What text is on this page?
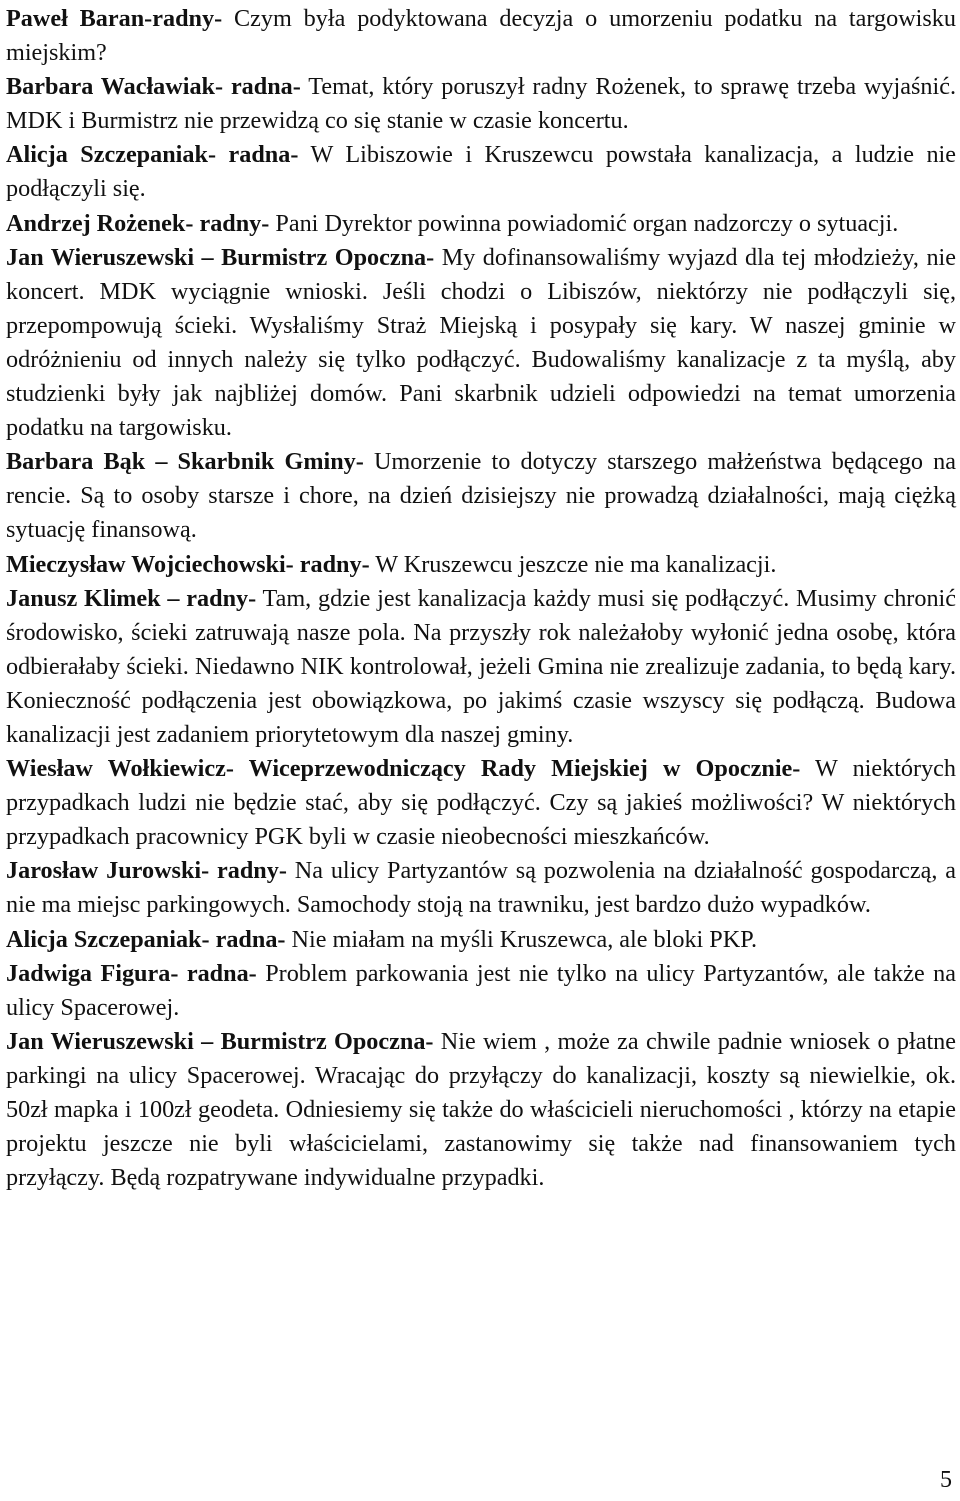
Paweł Baran-radny- Czym była podyktowana decyzja o umorzeniu podatku na targowisku miejskim?

Barbara Wacławiak- radna- Temat, który poruszył radny Rożenek, to sprawę trzeba wyjaśnić. MDK i Burmistrz nie przewidzą co się stanie w czasie koncertu.

Alicja Szczepaniak- radna- W Libiszowie i Kruszewcu powstała kanalizacja, a ludzie nie podłączyli się.

Andrzej Rożenek- radny- Pani Dyrektor powinna powiadomić organ nadzorczy o sytuacji.

Jan Wieruszewski – Burmistrz Opoczna- My dofinansowaliśmy wyjazd dla tej młodzieży, nie koncert. MDK wyciągnie wnioski. Jeśli chodzi o Libiszów, niektórzy nie podłączyli się, przepompowują ścieki. Wysłaliśmy Straż Miejską i posypały się kary. W naszej gminie w odróżnieniu od innych należy się tylko podłączyć. Budowaliśmy kanalizacje z ta myślą, aby studzienki były jak najbliżej domów. Pani skarbnik udzieli odpowiedzi na temat umorzenia podatku na targowisku.

Barbara Bąk – Skarbnik Gminy- Umorzenie to dotyczy starszego małżeństwa będącego na rencie. Są to osoby starsze i chore, na dzień dzisiejszy nie prowadzą działalności, mają ciężką sytuację finansową.

Mieczysław Wojciechowski- radny- W Kruszewcu jeszcze nie ma kanalizacji.

Janusz Klimek – radny- Tam, gdzie jest kanalizacja każdy musi się podłączyć. Musimy chronić środowisko, ścieki zatruwają nasze pola. Na przyszły rok należałoby wyłonić jedna osobę, która odbierałaby ścieki. Niedawno NIK kontrolował, jeżeli Gmina nie zrealizuje zadania, to będą kary. Konieczność podłączenia jest obowiązkowa, po jakimś czasie wszyscy się podłączą. Budowa kanalizacji jest zadaniem priorytetowym dla naszej gminy.

Wiesław Wołkiewicz- Wiceprzewodniczący Rady Miejskiej w Opocznie- W niektórych przypadkach ludzi nie będzie stać, aby się podłączyć. Czy są jakieś możliwości? W niektórych przypadkach pracownicy PGK byli w czasie nieobecności mieszkańców.

Jarosław Jurowski- radny- Na ulicy Partyzantów są pozwolenia na działalność gospodarczą, a nie ma miejsc parkingowych. Samochody stoją na trawniku, jest bardzo dużo wypadków.

Alicja Szczepaniak- radna- Nie miałam na myśli Kruszewca, ale bloki PKP.

Jadwiga Figura- radna- Problem parkowania jest nie tylko na ulicy Partyzantów, ale także na ulicy Spacerowej.

Jan Wieruszewski – Burmistrz Opoczna- Nie wiem , może za chwile padnie wniosek o płatne parkingi na ulicy Spacerowej. Wracając do przyłączy do kanalizacji, koszty są niewielkie, ok. 50zł mapka i 100zł geodeta. Odniesiemy się także do właścicieli nieruchomości , którzy na etapie projektu jeszcze nie byli właścicielami, zastanowimy się także nad finansowaniem tych przyłączy. Będą rozpatrywane indywidualne przypadki.

5
